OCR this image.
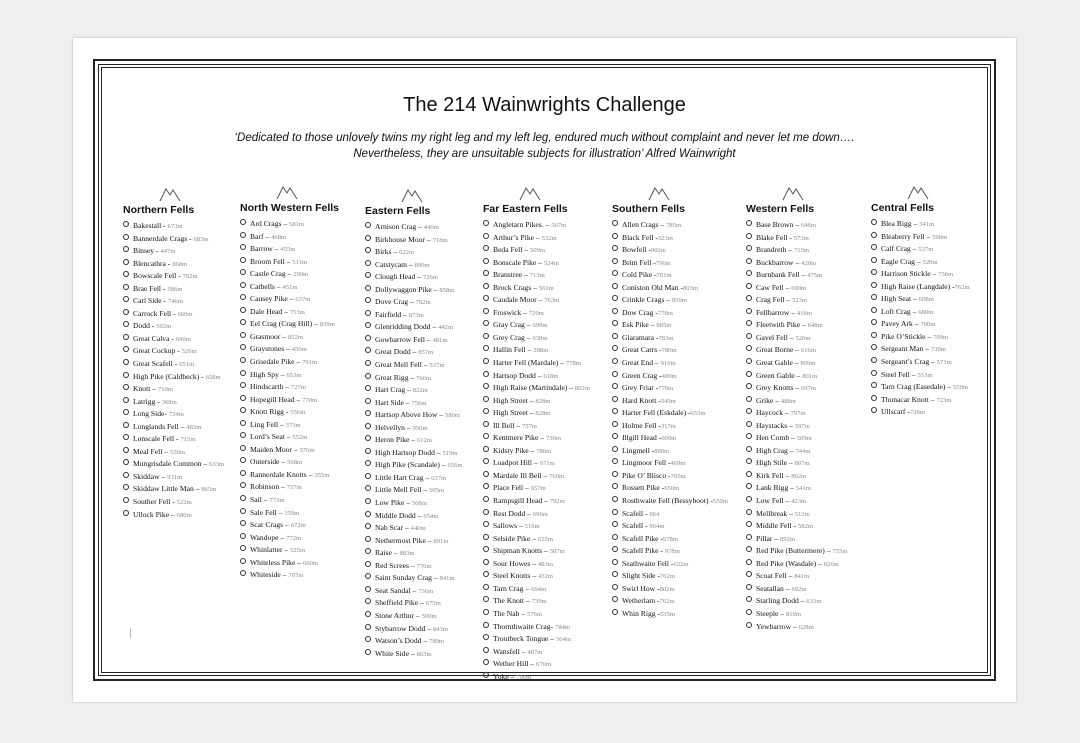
The 214 Wainwrights Challenge
‘Dedicated to those unlovely twins my right leg and my left leg, endured much without complaint and never let me down….
Nevertheless, they are unsuitable subjects for illustration’ Alfred Wainwright
Northern Fells
Bakestall - 673m
Bannerdale Crags - 683m
Binsey - 447m
Blencathra - 868m
Bowscale Fell - 702m
Brae Fell - 586m
Carl Side - 746m
Carrock Fell - 660m
Dodd - 502m
Great Calva - 690m
Great Cockup - 526m
Great Scafell - 651m
High Pike (Caldbeck) - 658m
Knott – 710m
Latrigg - 368m
Long Side- 734m
Longlands Fell – 483m
Lonscale Fell - 715m
Meal Fell – 550m
Mungrisdale Common – 633m
Skiddaw – 931m
Skiddaw Little Man – 865m
Souther Fell - 522m
Ullock Pike – 680m
North Western Fells
Ard Crags – 581m
Barf – 468m
Barrow – 455m
Broom Fell – 511m
Castle Crag – 290m
Catbells – 451m
Causey Pike – 637m
Dale Head – 753m
Eel Crag (Crag Hill) – 839m
Grasmoor – 852m
Graystones – 456m
Grisedale Pike – 791m
High Spy – 653m
Hindscarth – 727m
Hopegill Head – 770m
Knott Rigg - 556m
Ling Fell – 373m
Lord’s Seat – 552m
Maiden Moor – 576m
Outerside – 568m
Rannerdale Knotts – 355m
Robinson – 737m
Sail – 773m
Sale Fell – 359m
Scar Crags – 672m
Wandope – 772m
Whinlatter – 525m
Whiteless Pike – 660m
Whiteside – 707m
Eastern Fells
Arnison Crag – 440m
Birkhouse Moor – 718m
Birks – 622m
Catstycam – 890m
Clough Head – 726m
Dollywaggon Pike – 858m
Dove Crag – 792m
Fairfield – 873m
Glenridding Dodd – 442m
Gowbarrow Fell – 481m
Great Dodd – 857m
Great Mell Fell – 537m
Great Rigg – 766m
Hart Crag – 822m
Hart Side – 756m
Hartsop Above How – 580m
Helvellyn – 950m
Heron Pike – 612m
High Hartsop Dodd – 519m
High Pike (Scandale) – 656m
Little Hart Crag – 637m
Little Mell Fell – 505m
Low Pike – 508m
Middle Dodd – 654m
Nab Scar – 440m
Nethermost Pike – 891m
Raise – 883m
Red Screes – 776m
Saint Sunday Crag – 841m
Seat Sandal – 736m
Sheffield Pike – 675m
Stone Arthur – 500m
Stybarrow Dodd – 843m
Watson’s Dodd – 789m
White Side – 863m
Far Eastern Fells
Angletarn Pikes. – 567m
Arthur’s Pike – 532m
Beda Fell – 509m
Bonscale Pike – 524m
Branstree – 713m
Brock Crags – 561m
Caudale Moor – 763m
Froswick – 720m
Gray Crag – 699m
Grey Crag – 638m
Hallin Fell – 388m
Harter Fell (Mardale) – 778m
Hartsop Dodd – 618m
High Raise (Martindale) – 802m
High Street – 828m
High Street – 828m
Ill Bell – 757m
Kentmere Pike – 730m
Kidsty Pike – 780m
Loadpot Hill – 671m
Mardale Ill Bell – 760m
Place Fell – 657m
Rampsgill Head – 792m
Rest Dodd – 696m
Sallows – 516m
Selside Pike – 655m
Shipman Knotts – 587m
Sour Howes – 483m
Steel Knotts – 432m
Tarn Crag – 664m
The Knott – 739m
The Nab – 576m
Thornthwaite Crag- 784m
Troutbeck Tongue – 364m
Wansfell – 487m
Wether Hill – 670m
Yoke – 706m
Southern Fells
Allen Crags – 785m
Black Fell -323m
Bowfell -902m
Brim Fell -796m
Cold Pike -701m
Coniston Old Man -803m
Crinkle Crags – 859m
Dow Crag -778m
Esk Pike – 885m
Glaramara -783m
Great Carrs -780m
Great End – 910m
Green Crag -489m
Grey Friar -770m
Hard Knott -549m
Harter Fell (Eskdale) -653m
Holme Fell -317m
Illgill Head -609m
Lingmell -800m
Lingmoor Fell -469m
Pike O’ Blisco -705m
Rossett Pike -650m
Rosthwaite Fell (Bessyboot) -550m
Scafell - 964
Scafell - 964m
Scafell Pike -978m
Scafell Pike - 978m
Seathwaite Fell -632m
Slight Side -762m
Swirl How -802m
Wetherlam -762m
Whin Rigg -535m
Western Fells
Base Brown – 646m
Blake Fell - 573m
Brandreth – 715m
Buckbarrow – 420m
Burnbank Fell – 475m
Caw Fell – 690m
Crag Fell – 523m
Fellbarrow – 416m
Fleetwith Pike – 648m
Gavel Fell – 526m
Great Borne – 616m
Great Gable – 899m
Green Gable – 801m
Grey Knotts – 697m
Grike – 488m
Haycock – 797m
Haystacks – 597m
Hen Comb – 509m
High Crag – 744m
High Stile – 807m
Kirk Fell – 802m
Lank Rigg – 541m
Low Fell – 423m
Mellbreak – 512m
Middle Fell - 582m
Pillar – 892m
Red Pike (Buttermere) – 755m
Red Pike (Wasdale) – 826m
Scoat Fell – 841m
Seatallan – 692m
Starling Dodd – 633m
Steeple – 819m
Yewbarrow – 628m
Central Fells
Blea Rigg – 541m
Bleaberry Fell – 590m
Calf Crag – 537m
Eagle Crag – 520m
Harrison Stickle – 736m
High Raise (Langdale) -762m
High Seat – 608m
Loft Crag – 680m
Pavey Ark – 700m
Pike O’Stickle – 709m
Sergeant Man – 730m
Sergeant’s Crag – 571m
Steel Fell – 553m
Tarn Crag (Easedale) – 550m
Thunacar Knott – 723m
Ullscarf -726m
